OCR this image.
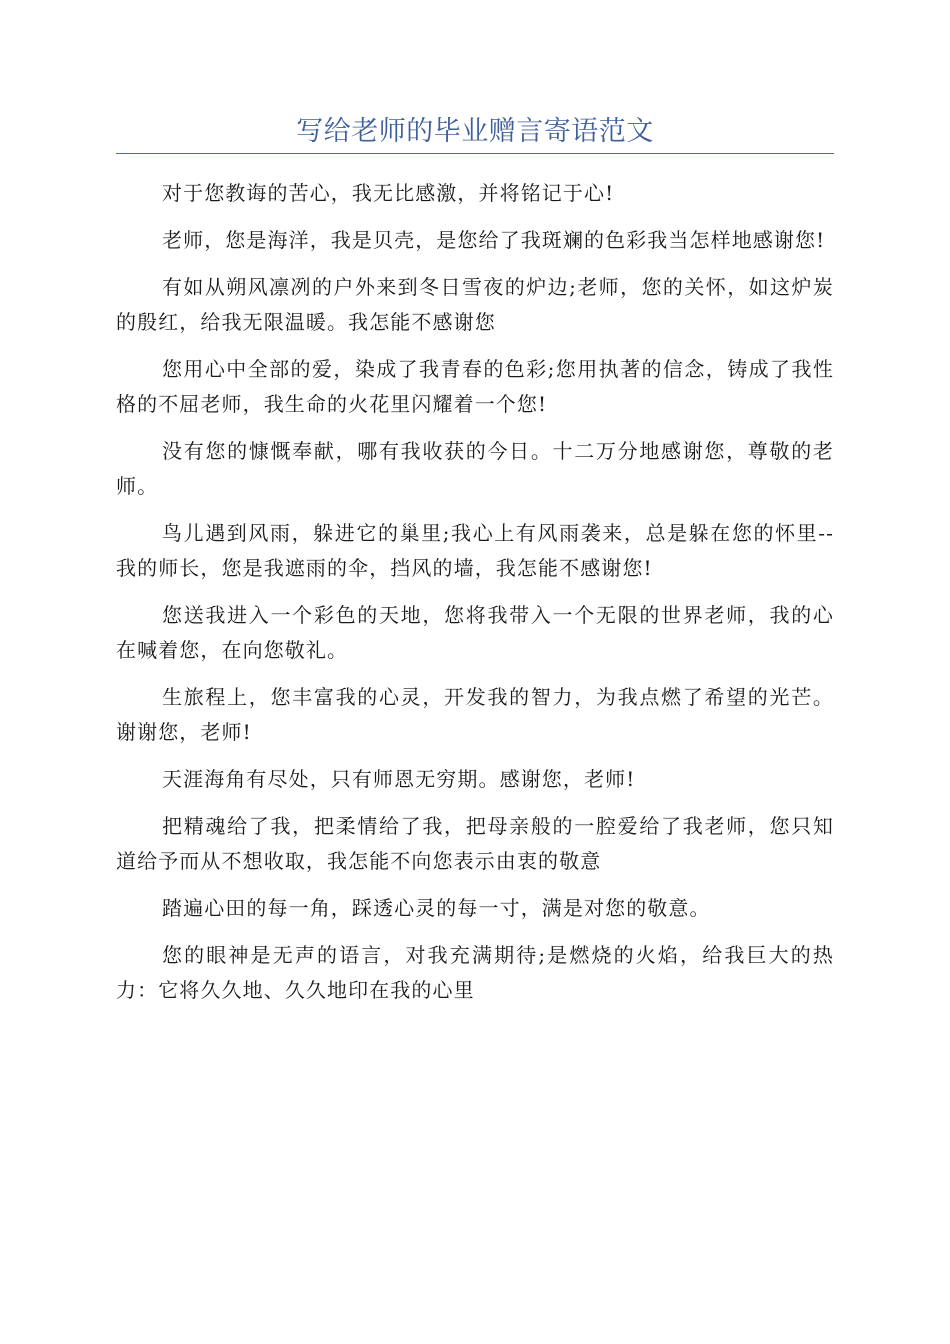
写给老师的毕业赠言寄语范文

对于您教诲的苦心，我无比感激，并将铭记于心!

老师，您是海洋，我是贝壳，是您给了我斑斓的色彩我当怎样地感谢您!

有如从朔风凛冽的户外来到冬日雪夜的炉边;老师，您的关怀，如这炉炭的殷红，给我无限温暖。我怎能不感谢您

您用心中全部的爱，染成了我青春的色彩;您用执著的信念，铸成了我性格的不屈老师，我生命的火花里闪耀着一个您!

没有您的慷慨奉献，哪有我收获的今日。十二万分地感谢您，尊敬的老师。

鸟儿遇到风雨，躲进它的巢里;我心上有风雨袭来，总是躲在您的怀里--我的师长，您是我遮雨的伞，挡风的墙，我怎能不感谢您!

您送我进入一个彩色的天地，您将我带入一个无限的世界老师，我的心在喊着您，在向您敬礼。

生旅程上，您丰富我的心灵，开发我的智力，为我点燃了希望的光芒。谢谢您，老师!

天涯海角有尽处，只有师恩无穷期。感谢您，老师!

把精魂给了我，把柔情给了我，把母亲般的一腔爱给了我老师，您只知道给予而从不想收取，我怎能不向您表示由衷的敬意

踏遍心田的每一角，踩透心灵的每一寸，满是对您的敬意。

您的眼神是无声的语言，对我充满期待;是燃烧的火焰，给我巨大的热力：它将久久地、久久地印在我的心里
